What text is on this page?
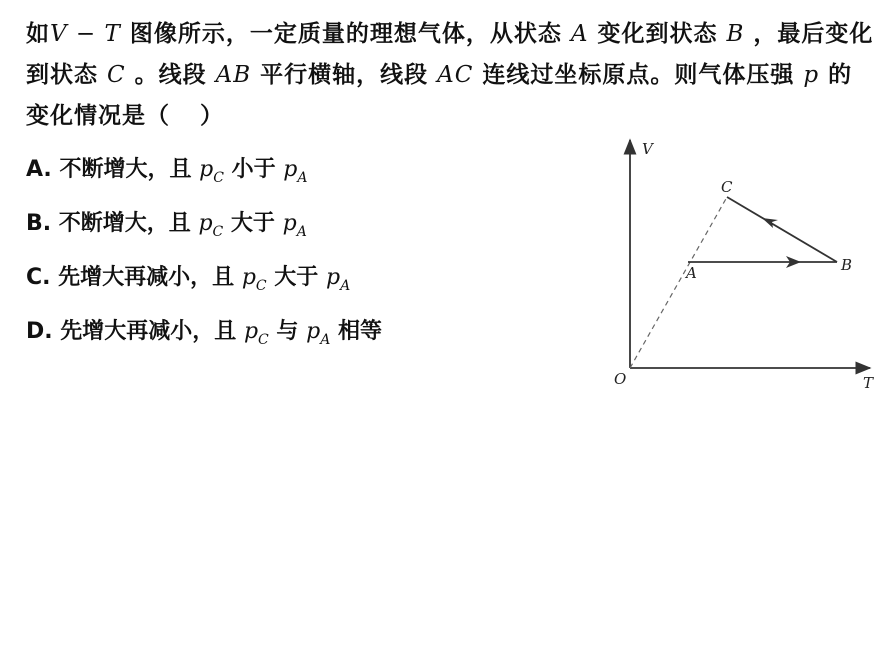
如V − T 图像所示，一定质量的理想气体，从状态 A 变化到状态 B ，最后变化到状态 C 。线段 AB 平行横轴，线段 AC 连线过坐标原点。则气体压强 p 的变化情况是（ ）
A. 不断增大，且 $p_C$ 小于 $p_A$
B. 不断增大，且 $p_C$ 大于 $p_A$
C. 先增大再减小，且 $p_C$ 大于 $p_A$
D. 先增大再减小，且 $p_C$ 与 $p_A$ 相等
V
T
O
A	B
C
